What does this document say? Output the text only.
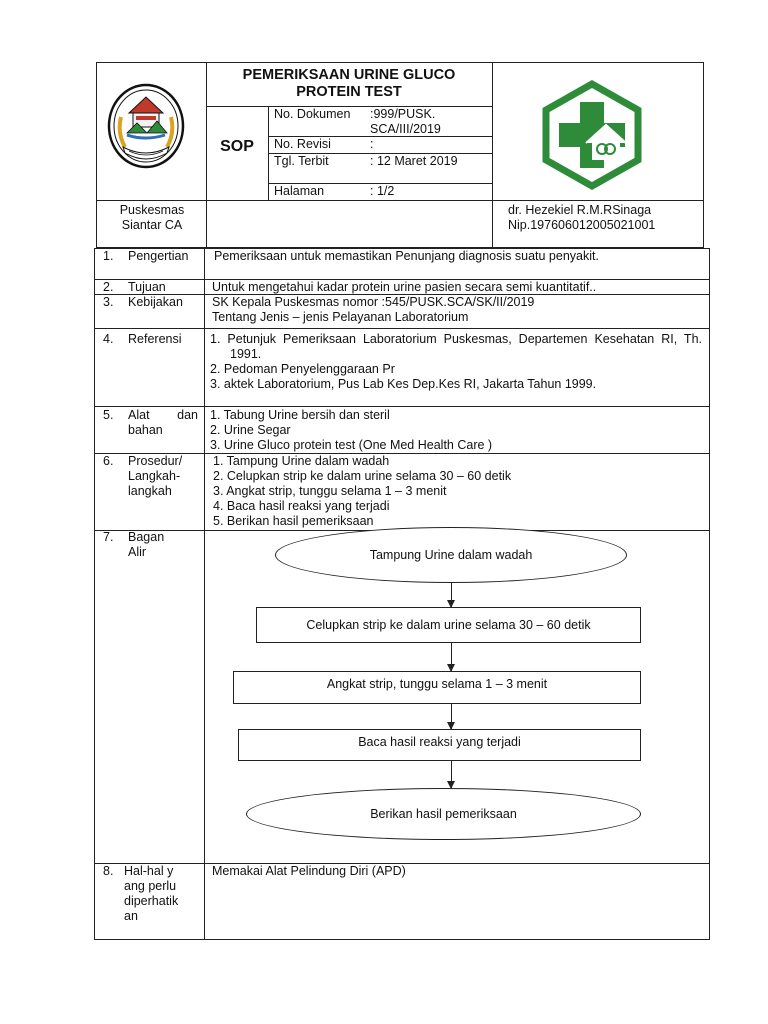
PEMERIKSAAN URINE GLUCO PROTEIN TEST
SOP
No. Dokumen :999/PUSK. SCA/III/2019
No. Revisi	:
Tgl. Terbit	: 12 Maret 2019
Halaman	: 1/2
Puskesmas Siantar CA
dr. Hezekiel R.M.RSinaga
Nip.197606012005021001
1. Pengertian	Pemeriksaan untuk memastikan Penunjang diagnosis suatu penyakit.
2. Tujuan	Untuk mengetahui kadar protein urine pasien secara semi kuantitatif..
3. Kebijakan SK Kepala Puskesmas nomor :545/PUSK.SCA/SK/II/2019
Tentang Jenis – jenis Pelayanan Laboratorium
4. Referensi 1. Petunjuk Pemeriksaan Laboratorium Puskesmas, Departemen Kesehatan RI, Th. 1991.
2. Pedoman Penyelenggaraan Pr
3. aktek Laboratorium, Pus Lab Kes Dep.Kes RI, Jakarta Tahun 1999.
5. Alat dan bahan
1. Tabung Urine bersih dan steril
2. Urine Segar
3. Urine Gluco protein test (One Med Health Care )
6. Prosedur/ Langkah-langkah
1. Tampung Urine dalam wadah
2. Celupkan strip ke dalam urine selama 30 – 60 detik
3. Angkat strip, tunggu selama 1 – 3 menit
4. Baca hasil reaksi yang terjadi
5. Berikan hasil pemeriksaan
7. Bagan Alir	Tampung Urine dalam wadah
Celupkan strip ke dalam urine selama 30 – 60 detik
Angkat strip, tunggu selama 1 – 3 menit
Baca hasil reaksi yang terjadi
Berikan hasil pemeriksaan
8. Hal-hal yang perlu diperhatikan
Memakai Alat Pelindung Diri (APD)
